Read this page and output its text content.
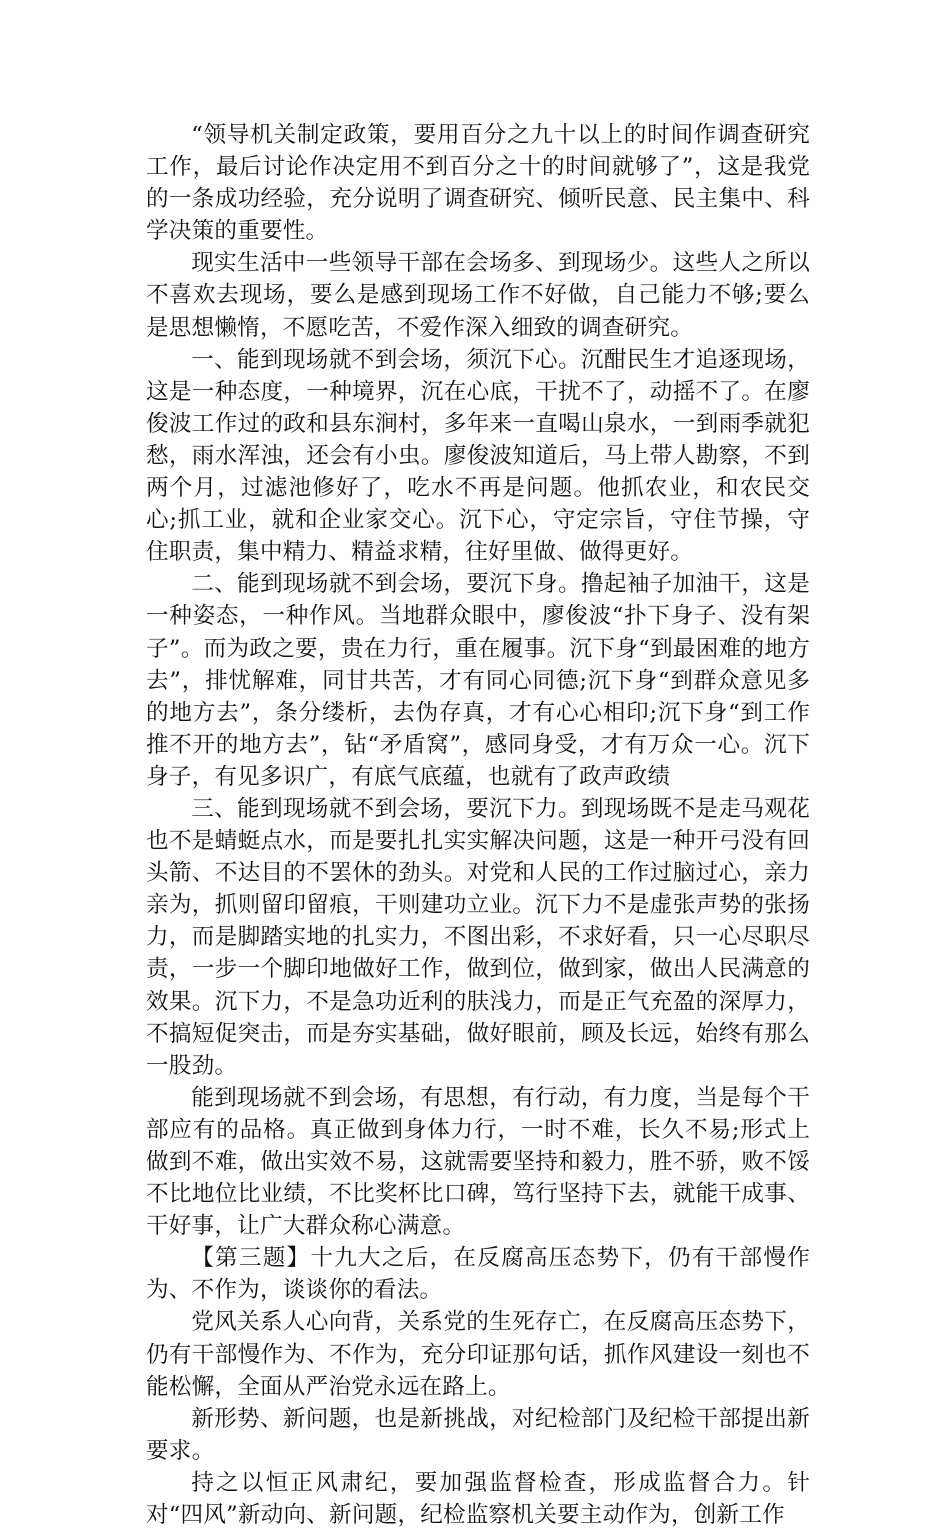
“领导机关制定政策，要用百分之九十以上的时间作调查研究工作，最后讨论作决定用不到百分之十的时间就够了”，这是我党的一条成功经验，充分说明了调查研究、倾听民意、民主集中、科学决策的重要性。

现实生活中一些领导干部在会场多、到现场少。这些人之所以不喜欢去现场，要么是感到现场工作不好做，自己能力不够;要么是思想懒惰，不愿吃苦，不爱作深入细致的调查研究。

一、能到现场就不到会场，须沉下心。沉酣民生才追逐现场，这是一种态度，一种境界，沉在心底，干扰不了，动摇不了。在廖俊波工作过的政和县东涧村，多年来一直喝山泉水，一到雨季就犯愁，雨水浑浊，还会有小虫。廖俊波知道后，马上带人勘察，不到两个月，过滤池修好了，吃水不再是问题。他抓农业，和农民交心;抓工业，就和企业家交心。沉下心，守定宗旨，守住节操，守住职责，集中精力、精益求精，往好里做、做得更好。

二、能到现场就不到会场，要沉下身。撸起袖子加油干，这是一种姿态，一种作风。当地群众眼中，廖俊波“扑下身子、没有架子”。而为政之要，贵在力行，重在履事。沉下身“到最困难的地方去”，排忧解难，同甘共苦，才有同心同德;沉下身“到群众意见多的地方去”，条分缕析，去伪存真，才有心心相印;沉下身“到工作推不开的地方去”，钻“矛盾窝”，感同身受，才有万众一心。沉下身子，有见多识广，有底气底蕴，也就有了政声政绩

三、能到现场就不到会场，要沉下力。到现场既不是走马观花也不是蜻蜓点水，而是要扎扎实实解决问题，这是一种开弓没有回头箭、不达目的不罢休的劲头。对党和人民的工作过脑过心，亲力亲为，抓则留印留痕，干则建功立业。沉下力不是虚张声势的张扬力，而是脚踏实地的扎实力，不图出彩，不求好看，只一心尽职尽责，一步一个脚印地做好工作，做到位，做到家，做出人民满意的效果。沉下力，不是急功近利的肤浅力，而是正气充盈的深厚力，不搞短促突击，而是夯实基础，做好眼前，顾及长远，始终有那么一股劲。

能到现场就不到会场，有思想，有行动，有力度，当是每个干部应有的品格。真正做到身体力行，一时不难，长久不易;形式上做到不难，做出实效不易，这就需要坚持和毅力，胜不骄，败不馁不比地位比业绩，不比奖杯比口碑，笃行坚持下去，就能干成事、干好事，让广大群众称心满意。

【第三题】十九大之后，在反腐高压态势下，仍有干部慢作为、不作为，谈谈你的看法。

党风关系人心向背，关系党的生死存亡，在反腐高压态势下，仍有干部慢作为、不作为，充分印证那句话，抓作风建设一刻也不能松懈，全面从严治党永远在路上。

新形势、新问题，也是新挑战，对纪检部门及纪检干部提出新要求。

持之以恒正风肃纪，要加强监督检查，形成监督合力。针对“四风”新动向、新问题，纪检监察机关要主动作为，创新工作
